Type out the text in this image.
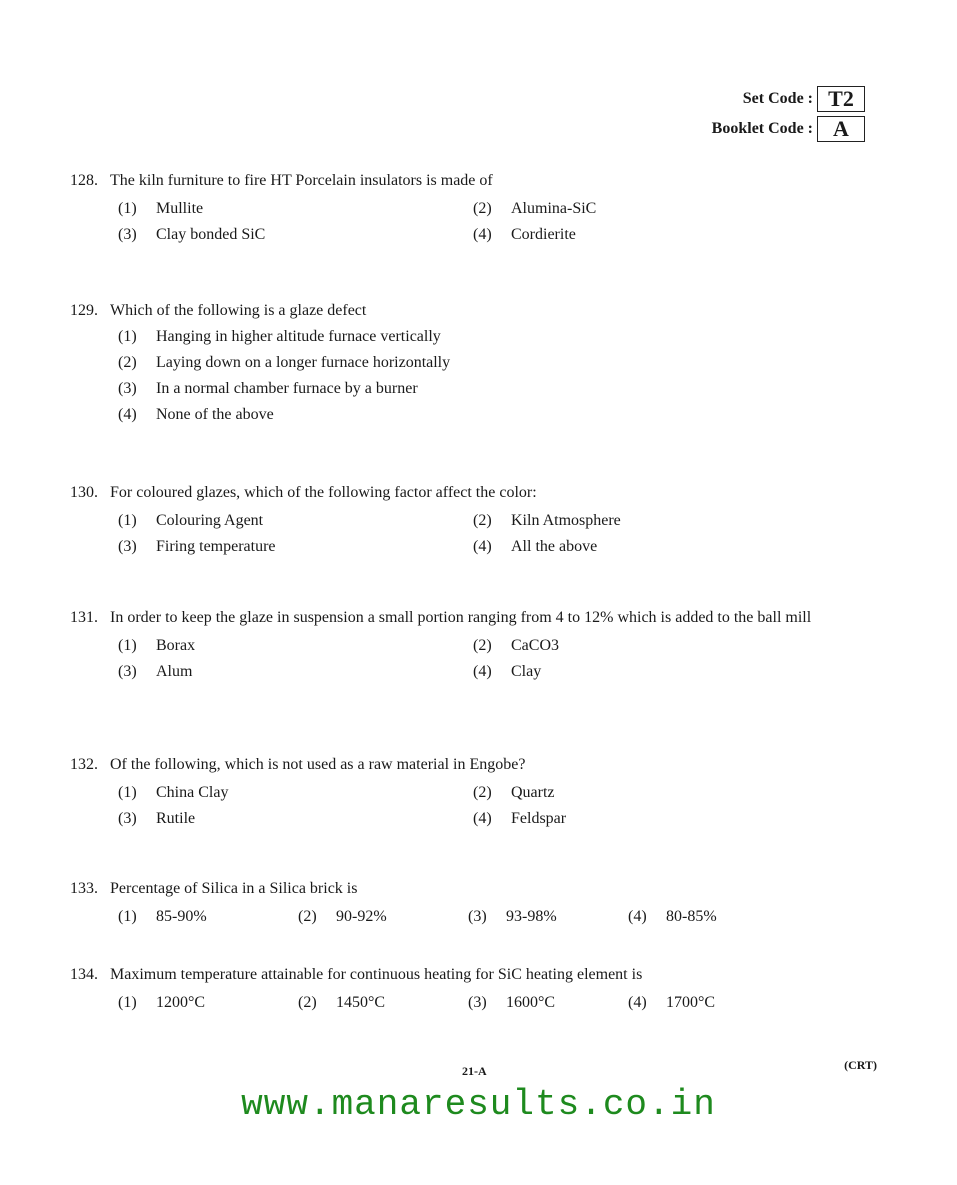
Set Code : T2
Booklet Code : A
128. The kiln furniture to fire HT Porcelain insulators is made of
(1)	Mullite	(2)	Alumina-SiC
(3)	Clay bonded SiC	(4)	Cordierite
129. Which of the following is a glaze defect
(1)	Hanging in higher altitude furnace vertically
(2)	Laying down on a longer furnace horizontally
(3)	In a normal chamber furnace by a burner
(4)	None of the above
130. For coloured glazes, which of the following factor affect the color:
(1)	Colouring Agent	(2)	Kiln Atmosphere
(3)	Firing temperature	(4)	All the above
131. In order to keep the glaze in suspension a small portion ranging from 4 to 12% which is added to the ball mill
(1)	Borax	(2)	CaCO3
(3)	Alum	(4)	Clay
132. Of the following, which is not used as a raw material in Engobe?
(1)	China Clay	(2)	Quartz
(3)	Rutile	(4)	Feldspar
133. Percentage of Silica in a Silica brick is
(1)	85-90%	(2)	90-92%	(3)	93-98%	(4)	80-85%
134. Maximum temperature attainable for continuous heating for SiC heating element is
(1)	1200°C	(2)	1450°C	(3)	1600°C	(4)	1700°C
21-A	(CRT)
www.manaresults.co.in
